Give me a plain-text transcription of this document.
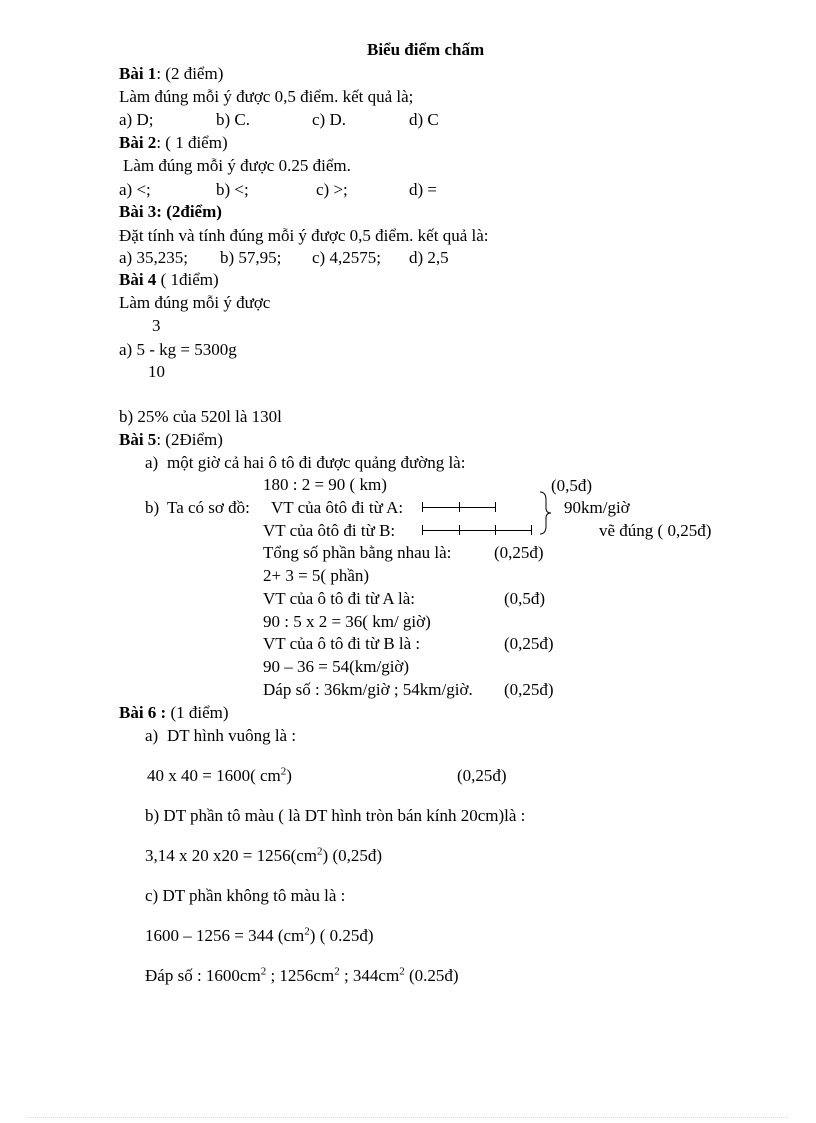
Biểu điểm chấm
Bài 1: (2 điểm)
Làm đúng mỗi ý được 0,5 điểm. kết quả là;
a) D;	b) C.	c) D.	d) C
Bài 2: ( 1 điểm)
Làm đúng mỗi ý được 0.25 điểm.
a) <;	b) <;	c) >;	d) =
Bài 3: (2điểm)
Đặt tính và tính đúng mỗi ý được 0,5 điểm. kết quả là:
a) 35,235; b) 57,95; c) 4,2575; d) 2,5
Bài 4 ( 1điểm)
Làm đúng mỗi ý được
3
a) 5 - kg = 5300g
10
b) 25% của 520l là 130l
Bài 5: (2Điểm)
a) một giờ cả hai ô tô đi được quảng đường là:
180 : 2 = 90 ( km)	(0,5đ)
b) Ta có sơ đồ: VT của ôtô đi từ A:	90km/giờ
VT của ôtô đi từ B:	vẽ đúng ( 0,25đ)
Tổng số phần bằng nhau là:	(0,25đ)
2+ 3 = 5( phần)
VT của ô tô đi từ A là:	(0,5đ)
90 : 5 x 2 = 36( km/ giờ)
VT của ô tô đi từ B là :	(0,25đ)
90 – 36 = 54(km/giờ)
Dáp số : 36km/giờ ; 54km/giờ. (0,25đ)
Bài 6 : (1 điểm)
a) DT hình vuông là :
40 x 40 = 1600( $cm^2$)	(0,25đ)
b) DT phần tô màu ( là DT hình tròn bán kính 20cm)là :
3,14 x 20 $x20 = 1256(cm^2)$ (0,25đ)
c) DT phần không tô màu là :
1600 – 1256 = 344 $(cm^2)$ ( 0.25đ)
Đáp số : $1600cm^2$ ; $1256cm^2$ ; $344cm^2$ (0.25đ)
